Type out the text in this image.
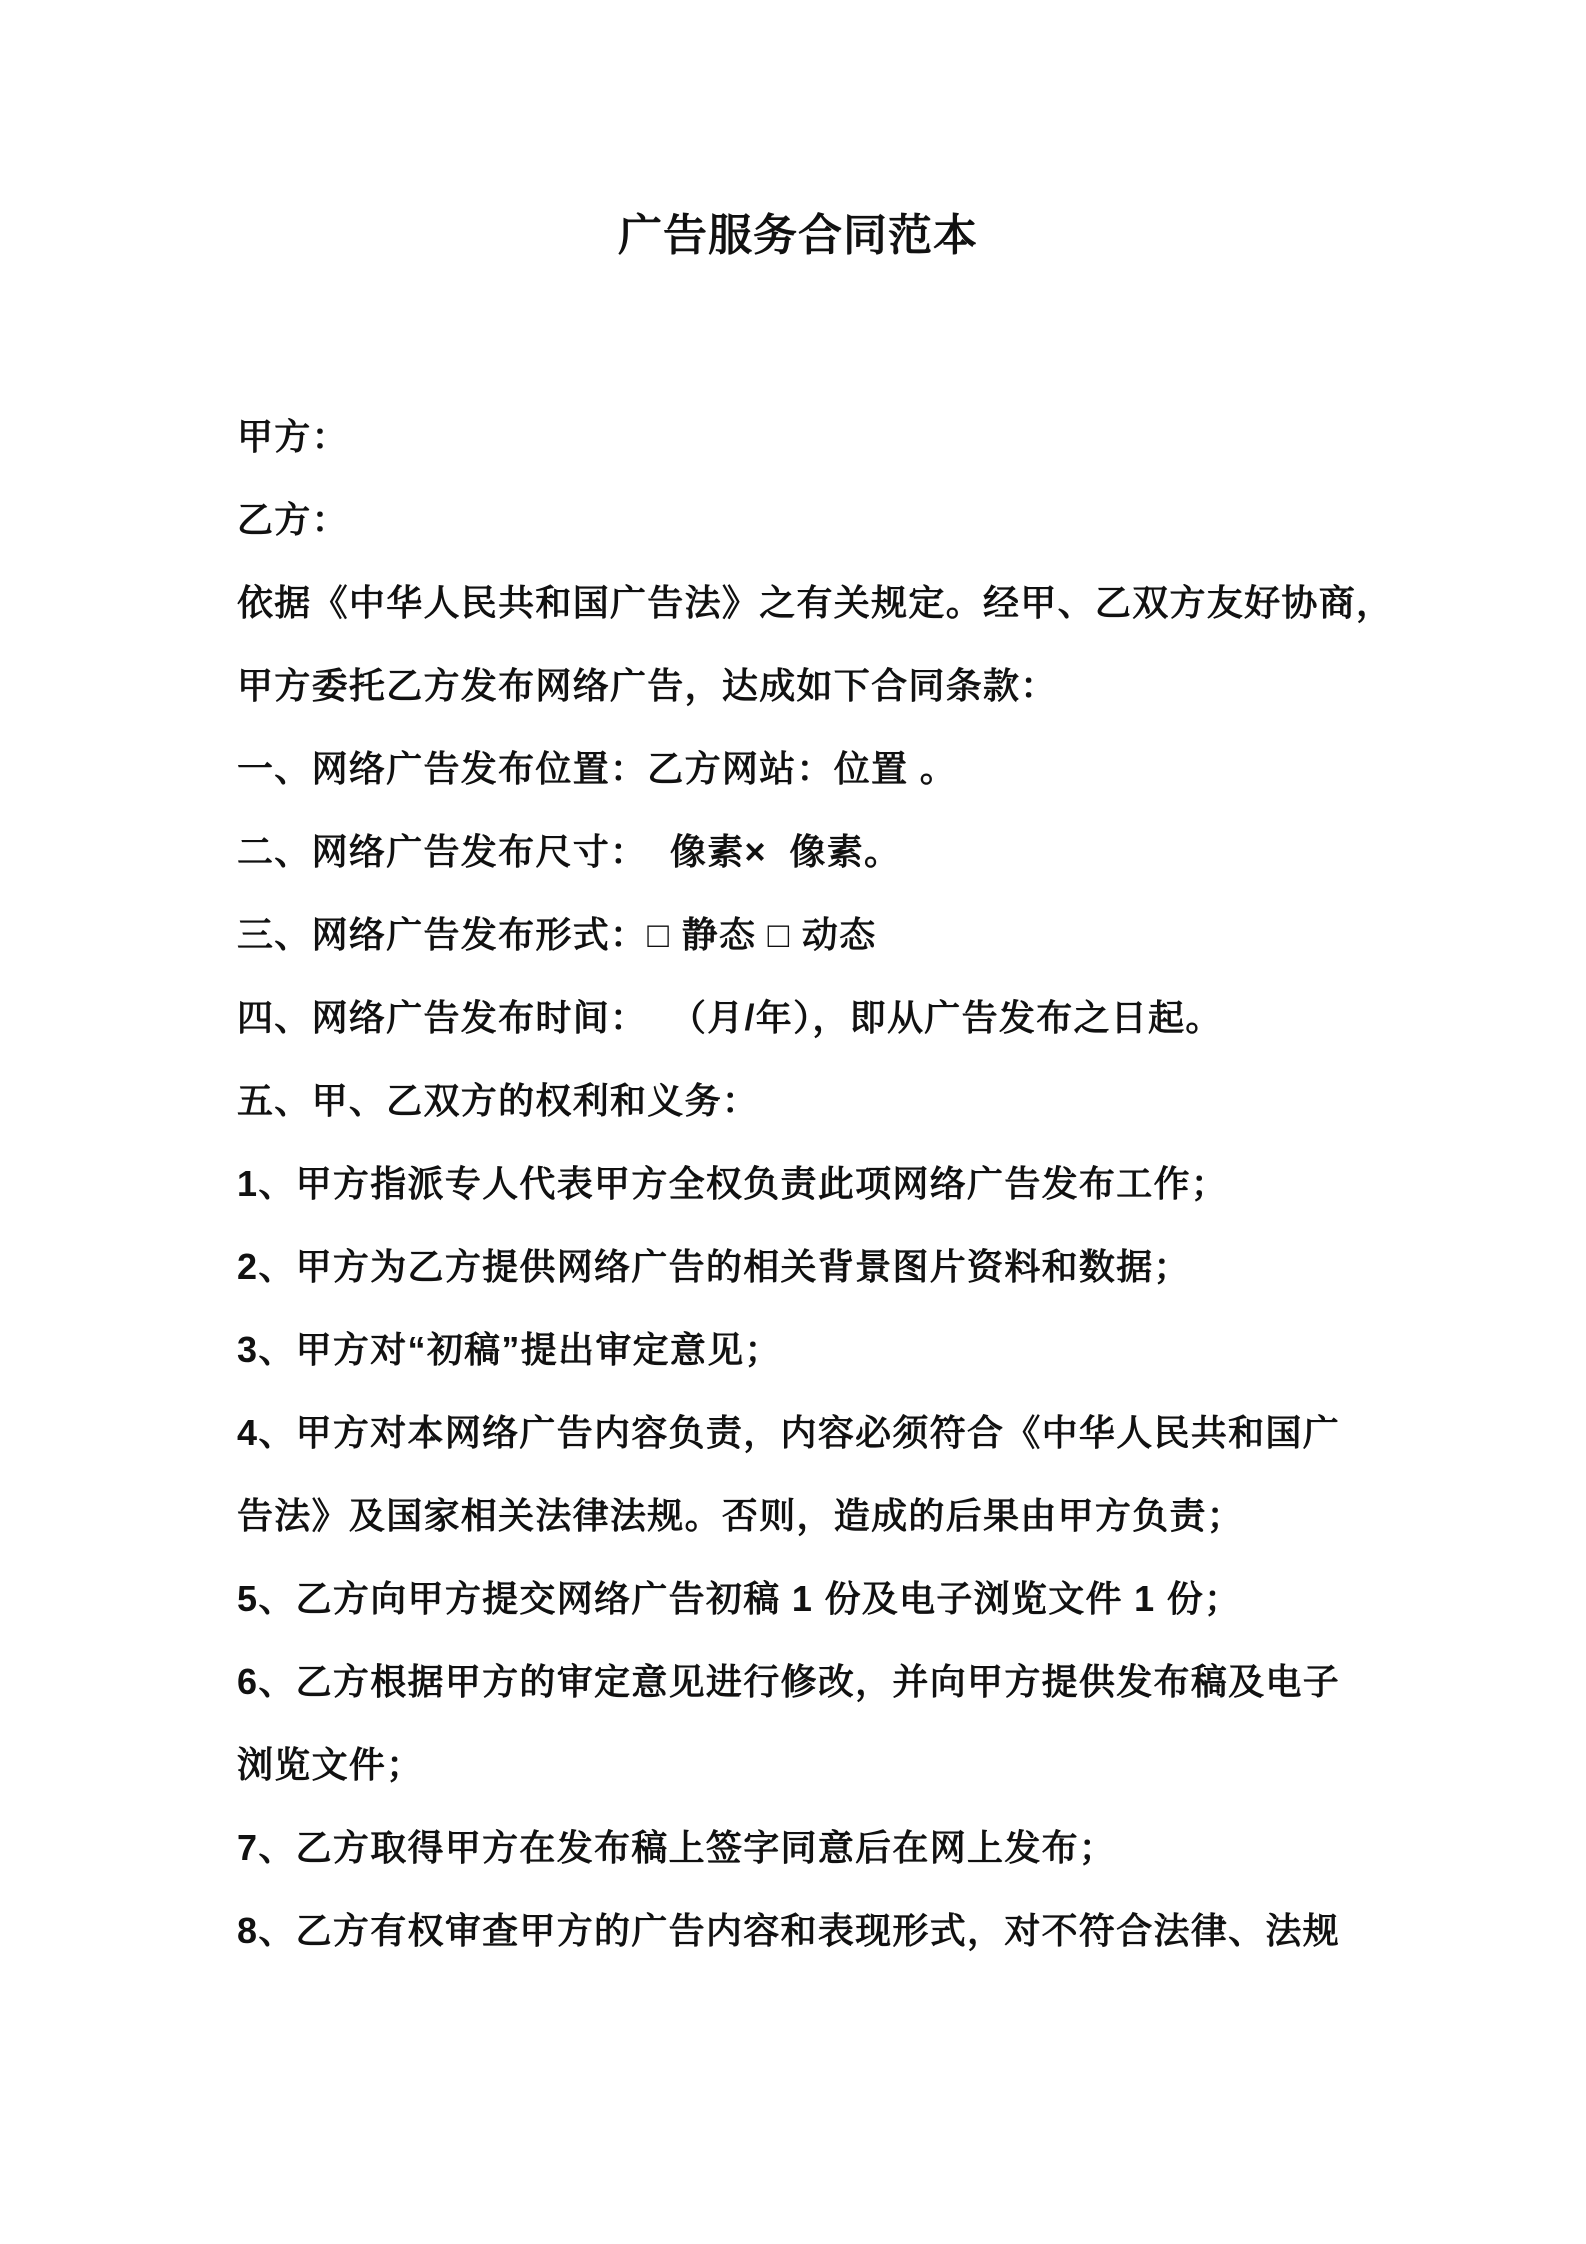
广告服务合同范本

甲方：

乙方：

依据《中华人民共和国广告法》之有关规定。经甲、乙双方友好协商，

甲方委托乙方发布网络广告，达成如下合同条款：

一、网络广告发布位置：乙方网站：位置 。

二、网络广告发布尺寸：  像素×  像素。

三、网络广告发布形式：□ 静态 □ 动态

四、网络广告发布时间：  （月/年），即从广告发布之日起。

五、甲、乙双方的权利和义务：

1、甲方指派专人代表甲方全权负责此项网络广告发布工作；

2、甲方为乙方提供网络广告的相关背景图片资料和数据；

3、甲方对“初稿”提出审定意见；

4、甲方对本网络广告内容负责，内容必须符合《中华人民共和国广

告法》及国家相关法律法规。否则，造成的后果由甲方负责；

5、乙方向甲方提交网络广告初稿 1 份及电子浏览文件 1 份；

6、乙方根据甲方的审定意见进行修改，并向甲方提供发布稿及电子

浏览文件；

7、乙方取得甲方在发布稿上签字同意后在网上发布；

8、乙方有权审查甲方的广告内容和表现形式，对不符合法律、法规
